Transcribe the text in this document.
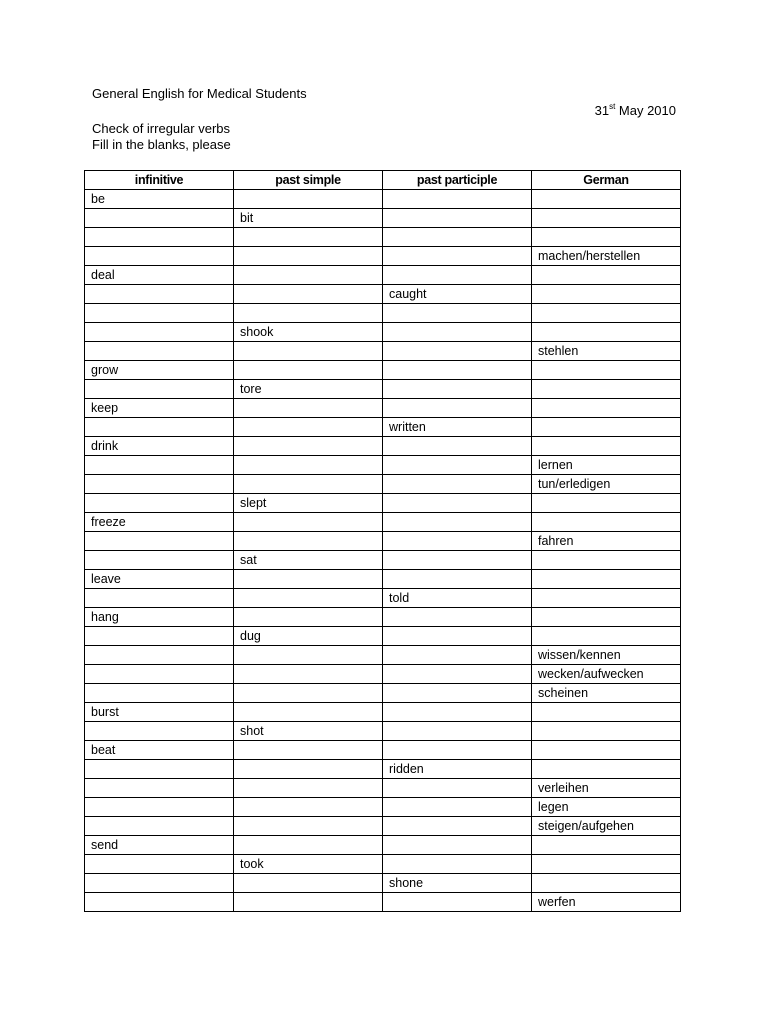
General English for Medical Students
31st May 2010
Check of irregular verbs
Fill in the blanks, please
infinitive	past simple	past participle	German
be			
	bit		

			machen/herstellen
deal			
		caught	

	shook		
			stehlen
grow			
	tore		
keep			
		written	
drink			
			lernen
			tun/erledigen
	slept		
freeze			
			fahren
	sat		
leave			
		told	
hang			
	dug		
			wissen/kennen
			wecken/aufwecken
			scheinen
burst			
	shot		
beat			
		ridden	
			verleihen
			legen
			steigen/aufgehen
send			
	took		
		shone	
			werfen
